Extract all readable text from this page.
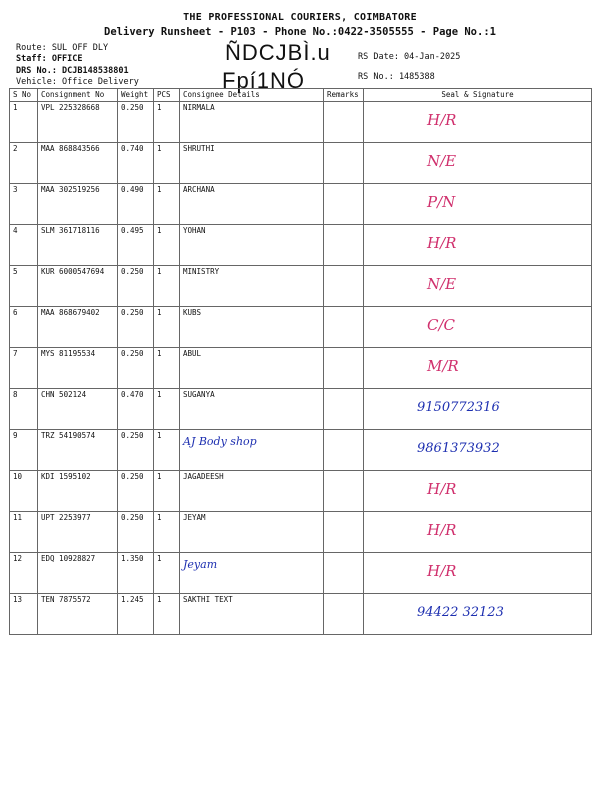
THE PROFESSIONAL COURIERS, COIMBATORE
Delivery Runsheet - P103 - Phone No.:0422-3505555 - Page No.:1
Route: SUL OFF DLY
Staff: OFFICE
DRS No.: DCJB148538801
Vehicle: Office Delivery
ÑDCJBÌ.u
Fpí1NÓ
RS Date: 04-Jan-2025
RS No.: 1485388
S No	Consignment No	Weight	PCS	Consignee Details	Remarks	Seal & Signature
1	VPL 225328668	0.250	1	NIRMALA		H/R

2	MAA 868843566	0.740	1	SHRUTHI		N/E

3	MAA 302519256	0.490	1	ARCHANA		P/N

4	SLM 361718116	0.495	1	YOHAN		H/R

5	KUR 6000547694	0.250	1	MINISTRY		N/E

6	MAA 868679402	0.250	1	KUBS		C/C

7	MYS 81195534	0.250	1	ABUL		M/R

8	CHN 502124	0.470	1	SUGANYA		9150772316

9	TRZ 54190574	0.250	1	AJ Body shop		9861373932

10	KDI 1595102	0.250	1	JAGADEESH		H/R

11	UPT 2253977	0.250	1	JEYAM		H/R

12	EDQ 10928827	1.350	1	Jeyam		H/R

13	TEN 7875572	1.245	1	SAKTHI TEXT		94422 32123
